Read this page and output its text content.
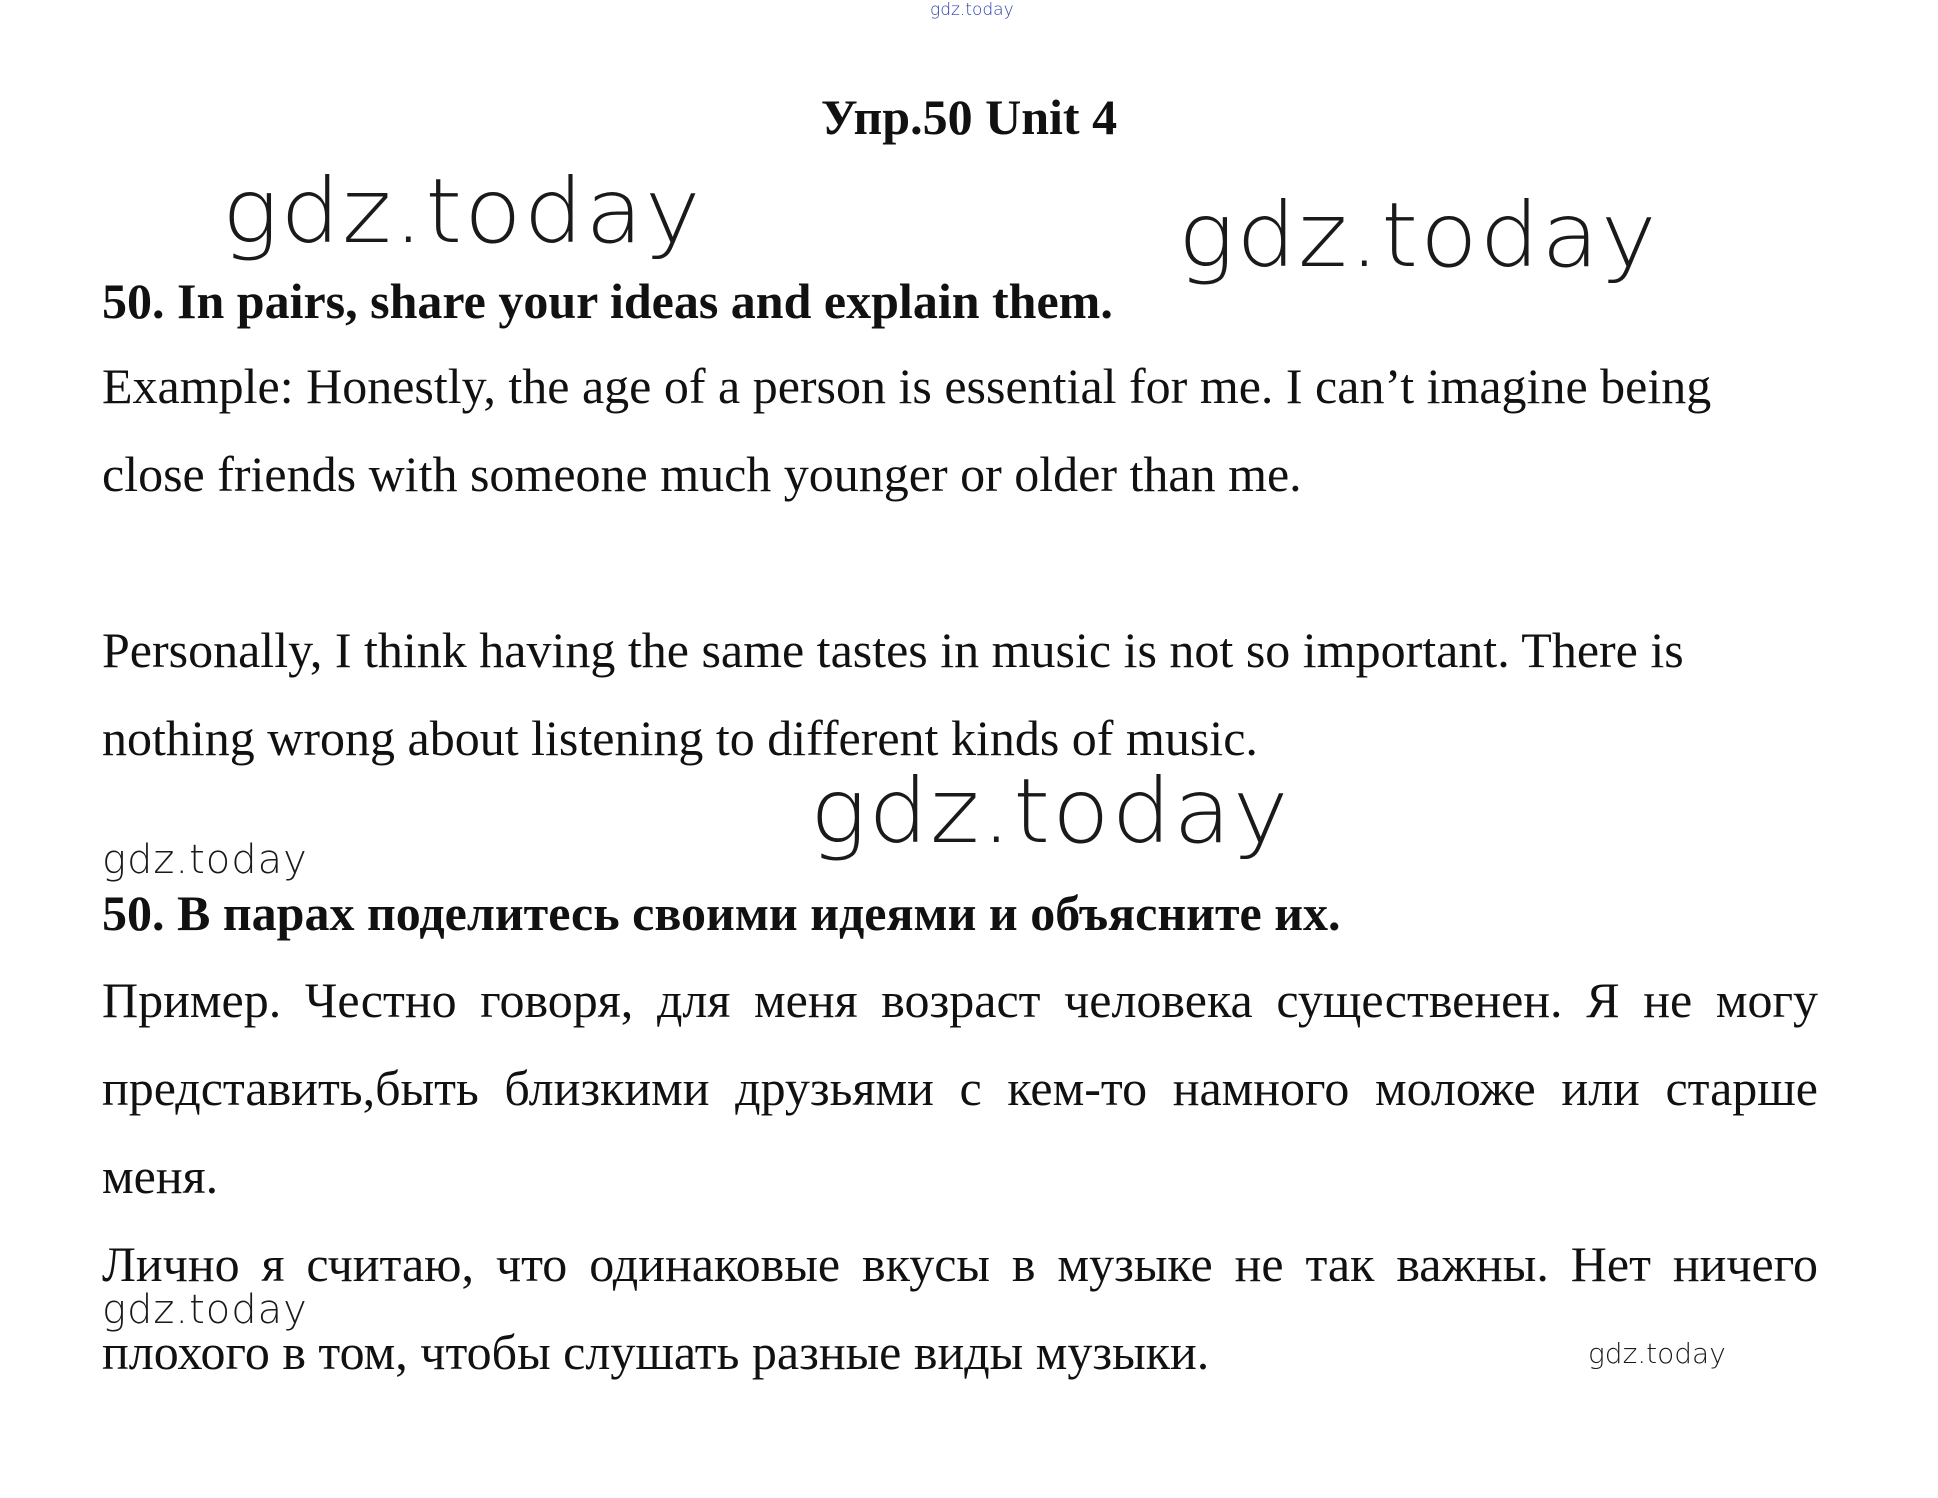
gdz.today
Упр.50 Unit 4
gdz.today	gdz.today

50. In pairs, share your ideas and explain them.

Example: Honestly, the age of a person is essential for me. I can’t imagine being close friends with someone much younger or older than me.

Personally, I think having the same tastes in music is not so important. There is nothing wrong about listening to different kinds of music.

gdz.today
gdz.today

50. В парах поделитесь своими идеями и объясните их.

Пример. Честно говоря, для меня возраст человека существенен. Я не могу представить,быть близкими друзьями с кем-то намного моложе или старше меня.

Лично я считаю, что одинаковые вкусы в музыке не так важны. Нет ничего плохого в том, чтобы слушать разные виды музыки.

gdz.today
gdz.today
